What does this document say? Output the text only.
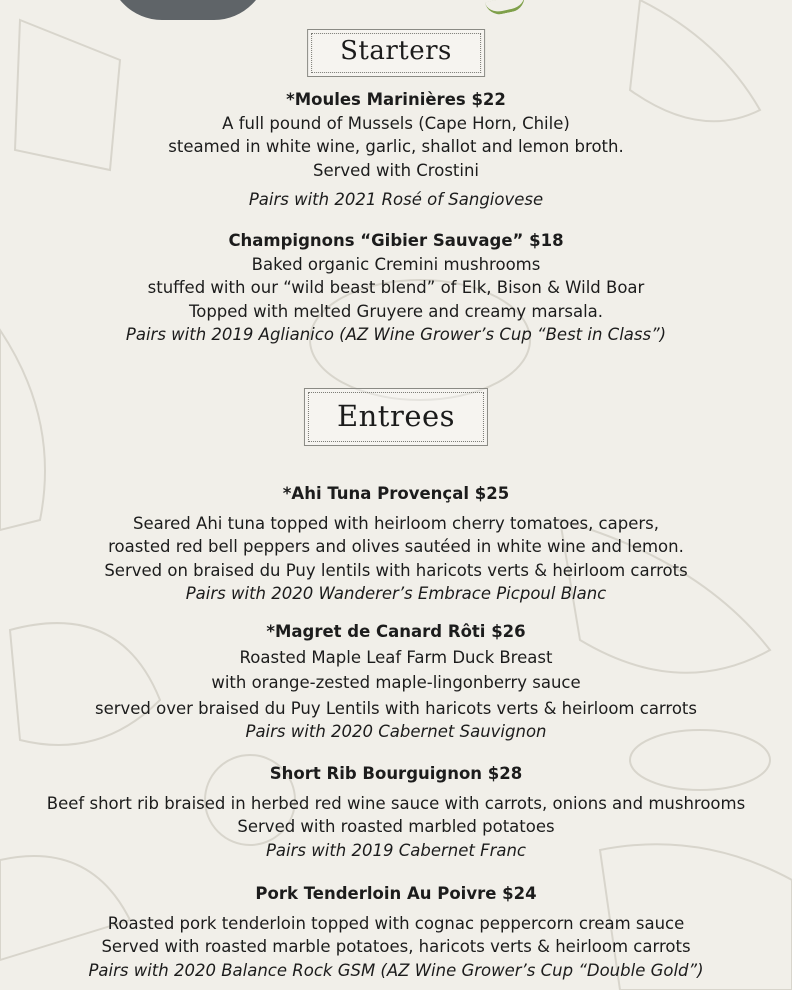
Starters
*Moules Marinières $22
A full pound of Mussels (Cape Horn, Chile)
steamed in white wine, garlic, shallot and lemon broth.
Served with Crostini
Pairs with 2021 Rosé of Sangiovese
Champignons “Gibier Sauvage” $18
Baked organic Cremini mushrooms
stuffed with our “wild beast blend” of Elk, Bison & Wild Boar
Topped with melted Gruyere and creamy marsala.
Pairs with 2019 Aglianico (AZ Wine Grower’s Cup “Best in Class”)
Entrees
*Ahi Tuna Provençal $25
Seared Ahi tuna topped with heirloom cherry tomatoes, capers,
roasted red bell peppers and olives sautéed in white wine and lemon.
Served on braised du Puy lentils with haricots verts & heirloom carrots
Pairs with 2020 Wanderer’s Embrace Picpoul Blanc
*Magret de Canard Rôti $26
Roasted Maple Leaf Farm Duck Breast
with orange-zested maple-lingonberry sauce
served over braised du Puy Lentils with haricots verts & heirloom carrots
Pairs with 2020 Cabernet Sauvignon
Short Rib Bourguignon $28
Beef short rib braised in herbed red wine sauce with carrots, onions and mushrooms
Served with roasted marbled potatoes
Pairs with 2019 Cabernet Franc
Pork Tenderloin Au Poivre $24
Roasted pork tenderloin topped with cognac peppercorn cream sauce
Served with roasted marble potatoes, haricots verts & heirloom carrots
Pairs with 2020 Balance Rock GSM (AZ Wine Grower’s Cup “Double Gold”)
